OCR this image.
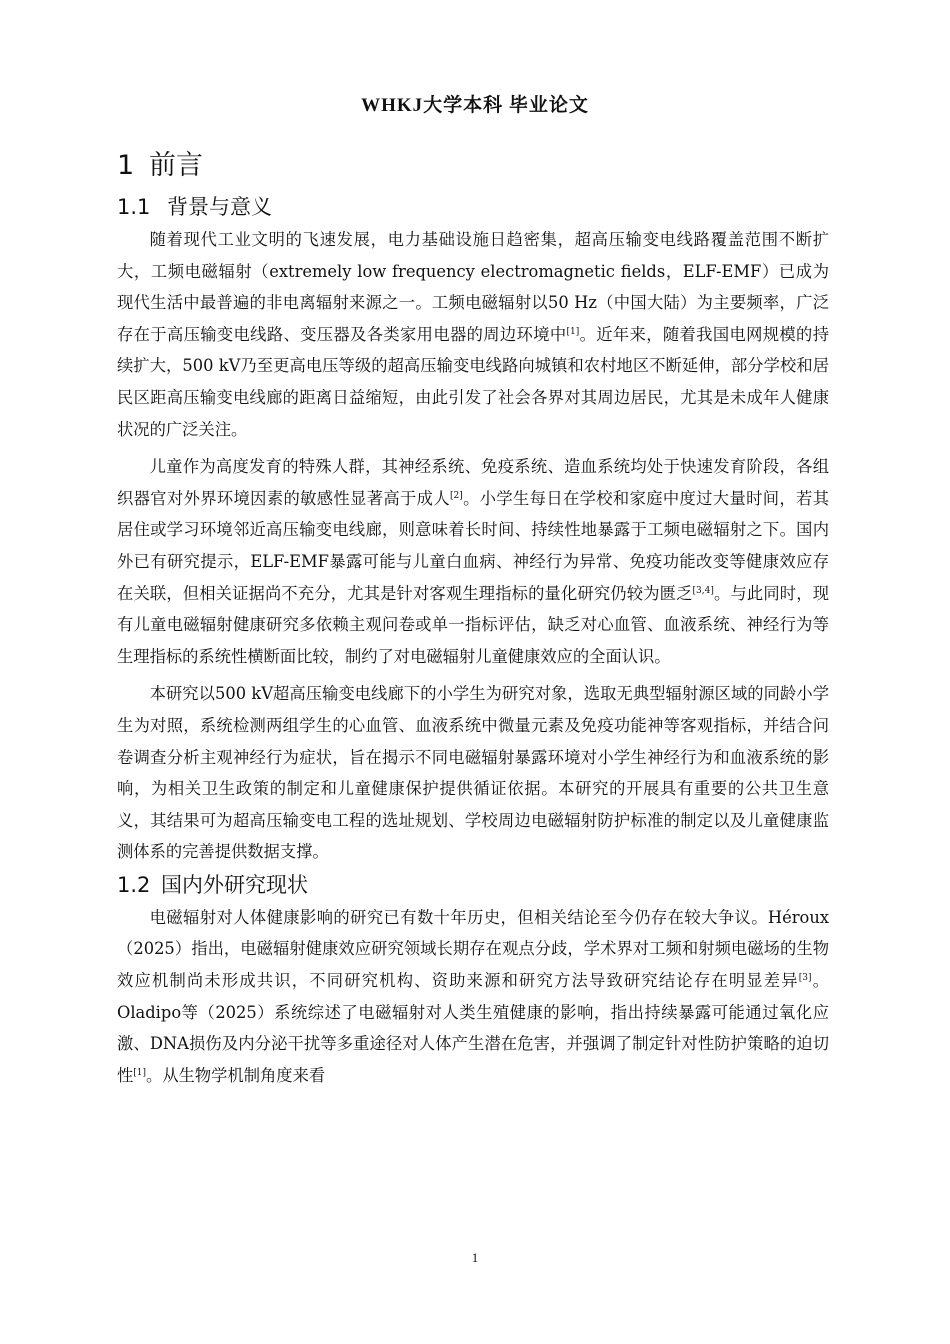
WHKJ大学本科 毕业论文
1 前言
1.1 背景与意义

随着现代工业文明的飞速发展，电力基础设施日趋密集，超高压输变电线路覆盖范围不断扩大，工频电磁辐射（extremely low frequency electromagnetic fields，ELF-EMF）已成为现代生活中最普遍的非电离辐射来源之一。工频电磁辐射以50 Hz（中国大陆）为主要频率，广泛存在于高压输变电线路、变压器及各类家用电器的周边环境中[1]。近年来，随着我国电网规模的持续扩大，500 kV乃至更高电压等级的超高压输变电线路向城镇和农村地区不断延伸，部分学校和居民区距高压输变电线廊的距离日益缩短，由此引发了社会各界对其周边居民，尤其是未成年人健康状况的广泛关注。

儿童作为高度发育的特殊人群，其神经系统、免疫系统、造血系统均处于快速发育阶段，各组织器官对外界环境因素的敏感性显著高于成人[2]。小学生每日在学校和家庭中度过大量时间，若其居住或学习环境邻近高压输变电线廊，则意味着长时间、持续性地暴露于工频电磁辐射之下。国内外已有研究提示，ELF-EMF暴露可能与儿童白血病、神经行为异常、免疫功能改变等健康效应存在关联，但相关证据尚不充分，尤其是针对客观生理指标的量化研究仍较为匮乏[3,4]。与此同时，现有儿童电磁辐射健康研究多依赖主观问卷或单一指标评估，缺乏对心血管、血液系统、神经行为等生理指标的系统性横断面比较，制约了对电磁辐射儿童健康效应的全面认识。

本研究以500 kV超高压输变电线廊下的小学生为研究对象，选取无典型辐射源区域的同龄小学生为对照，系统检测两组学生的心血管、血液系统中微量元素及免疫功能神等客观指标，并结合问卷调查分析主观神经行为症状，旨在揭示不同电磁辐射暴露环境对小学生神经行为和血液系统的影响，为相关卫生政策的制定和儿童健康保护提供循证依据。本研究的开展具有重要的公共卫生意义，其结果可为超高压输变电工程的选址规划、学校周边电磁辐射防护标准的制定以及儿童健康监测体系的完善提供数据支撑。

1.2 国内外研究现状

电磁辐射对人体健康影响的研究已有数十年历史，但相关结论至今仍存在较大争议。Héroux（2025）指出，电磁辐射健康效应研究领域长期存在观点分歧，学术界对工频和射频电磁场的生物效应机制尚未形成共识，不同研究机构、资助来源和研究方法导致研究结论存在明显差异[3]。Oladipo等（2025）系统综述了电磁辐射对人类生殖健康的影响，指出持续暴露可能通过氧化应激、DNA损伤及内分泌干扰等多重途径对人体产生潜在危害，并强调了制定针对性防护策略的迫切性[1]。从生物学机制角度来看

1
